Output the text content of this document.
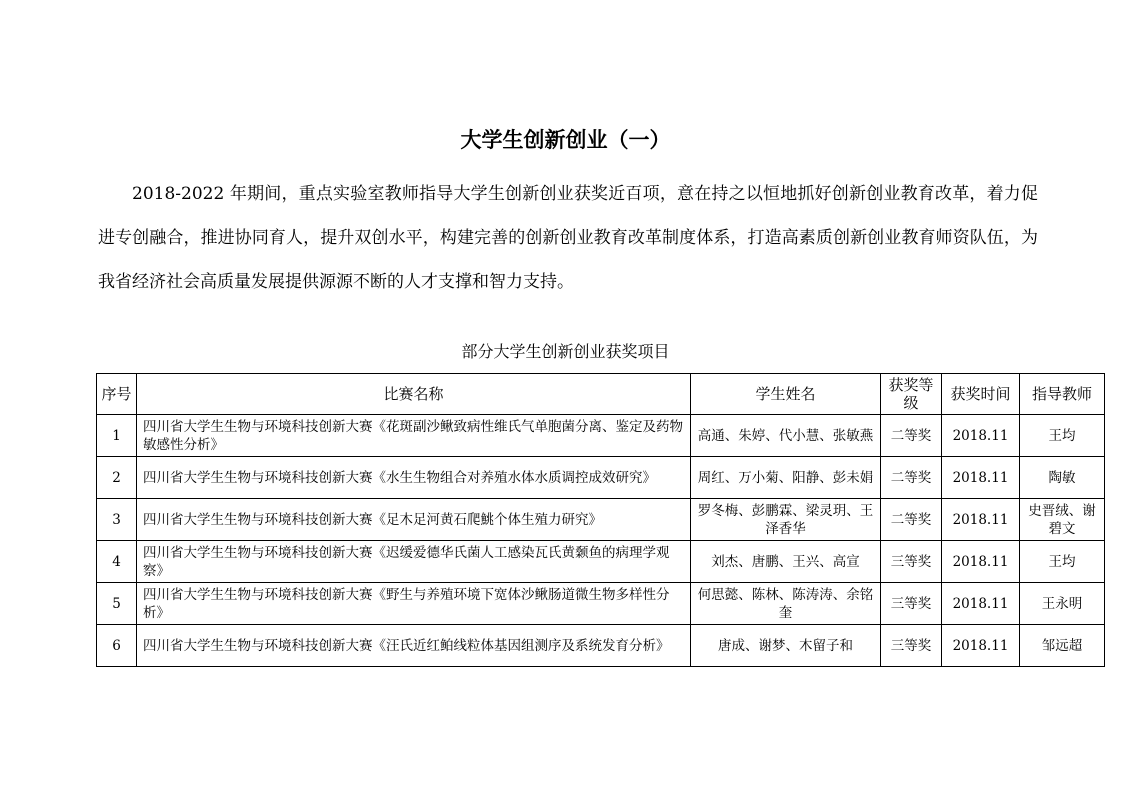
大学生创新创业（一）

2018-2022 年期间，重点实验室教师指导大学生创新创业获奖近百项，意在持之以恒地抓好创新创业教育改革，着力促进专创融合，推进协同育人，提升双创水平，构建完善的创新创业教育改革制度体系，打造高素质创新创业教育师资队伍，为我省经济社会高质量发展提供源源不断的人才支撑和智力支持。

部分大学生创新创业获奖项目
序号	比赛名称	学生姓名	获奖等级	获奖时间	指导教师
1	四川省大学生生物与环境科技创新大赛《花斑副沙鳅致病性维氏气单胞菌分离、鉴定及药物敏感性分析》	高通、朱婷、代小慧、张敏燕	二等奖	2018.11	王均
2	四川省大学生生物与环境科技创新大赛《水生生物组合对养殖水体水质调控成效研究》	周红、万小菊、阳静、彭未娟	二等奖	2018.11	陶敏
3	四川省大学生生物与环境科技创新大赛《足木足河黄石爬鮡个体生殖力研究》	罗冬梅、彭鹏霖、梁灵玥、王泽香华	二等奖	2018.11	史晋绒、谢碧文
4	四川省大学生生物与环境科技创新大赛《迟缓爱德华氏菌人工感染瓦氏黄颡鱼的病理学观察》	刘杰、唐鹏、王兴、高宣	三等奖	2018.11	王均
5	四川省大学生生物与环境科技创新大赛《野生与养殖环境下宽体沙鳅肠道微生物多样性分析》	何思懿、陈林、陈涛涛、余铭奎	三等奖	2018.11	王永明
6	四川省大学生生物与环境科技创新大赛《汪氏近红鲌线粒体基因组测序及系统发育分析》	唐成、谢梦、木留子和	三等奖	2018.11	邹远超
